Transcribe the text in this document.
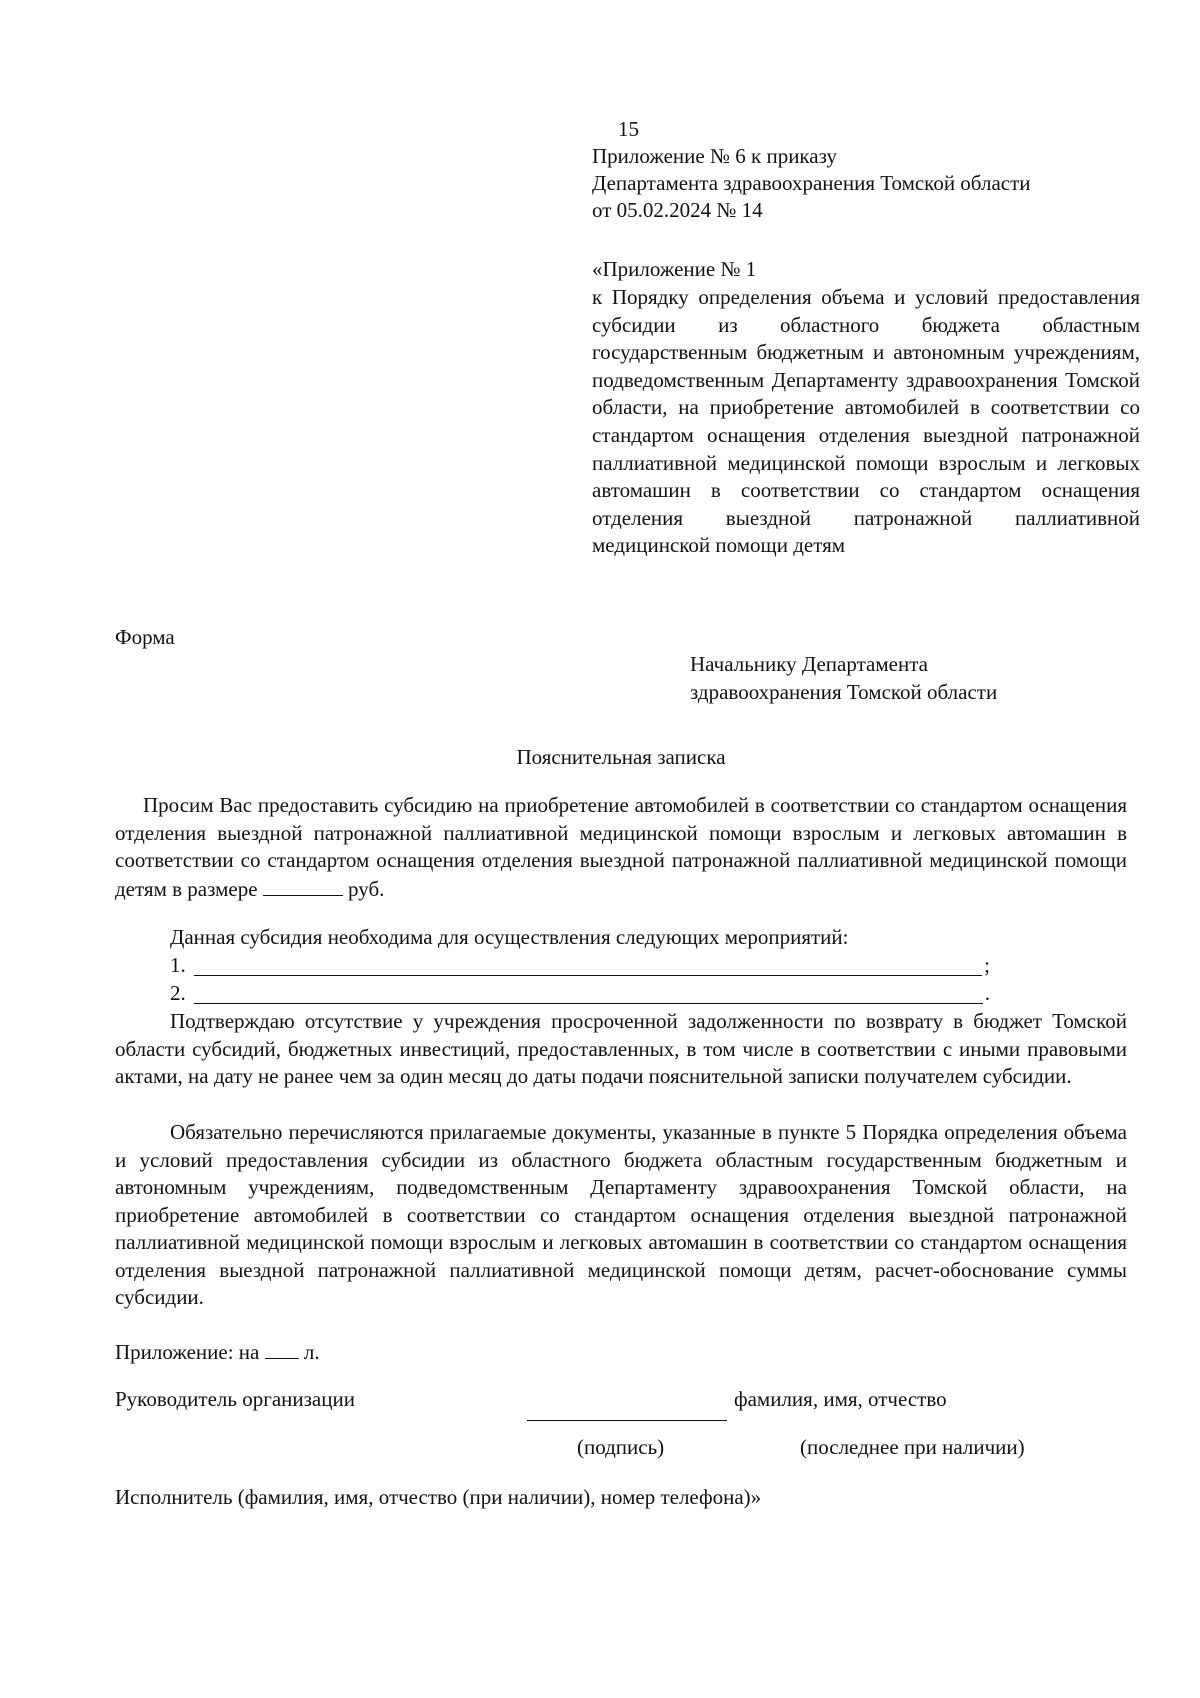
15
Приложение № 6 к приказу
Департамента здравоохранения Томской области
от 05.02.2024 № 14
«Приложение № 1
к Порядку определения объема и условий предоставления субсидии из областного бюджета областным государственным бюджетным и автономным учреждениям, подведомственным Департаменту здравоохранения Томской области, на приобретение автомобилей в соответствии со стандартом оснащения отделения выездной патронажной паллиативной медицинской помощи взрослым и легковых автомашин в соответствии со стандартом оснащения отделения выездной патронажной паллиативной медицинской помощи детям
Форма
Начальнику Департамента
здравоохранения Томской области
Пояснительная записка
Просим Вас предоставить субсидию на приобретение автомобилей в соответствии со стандартом оснащения отделения выездной патронажной паллиативной медицинской помощи взрослым и легковых автомашин в соответствии со стандартом оснащения отделения выездной патронажной паллиативной медицинской помощи детям в размере	руб.
Данная субсидия необходима для осуществления следующих мероприятий:
1.	;
2.	.
Подтверждаю отсутствие у учреждения просроченной задолженности по возврату в бюджет Томской области субсидий, бюджетных инвестиций, предоставленных, в том числе в соответствии с иными правовыми актами, на дату не ранее чем за один месяц до даты подачи пояснительной записки получателем субсидии.
Обязательно перечисляются прилагаемые документы, указанные в пункте 5 Порядка определения объема и условий предоставления субсидии из областного бюджета областным государственным бюджетным и автономным учреждениям, подведомственным Департаменту здравоохранения Томской области, на приобретение автомобилей в соответствии со стандартом оснащения отделения выездной патронажной паллиативной медицинской помощи взрослым и легковых автомашин в соответствии со стандартом оснащения отделения выездной патронажной паллиативной медицинской помощи детям, расчет-обоснование суммы субсидии.
Приложение: на л.
Руководитель организации	фамилия, имя, отчество
(подпись)	(последнее при наличии)
Исполнитель (фамилия, имя, отчество (при наличии), номер телефона)»
